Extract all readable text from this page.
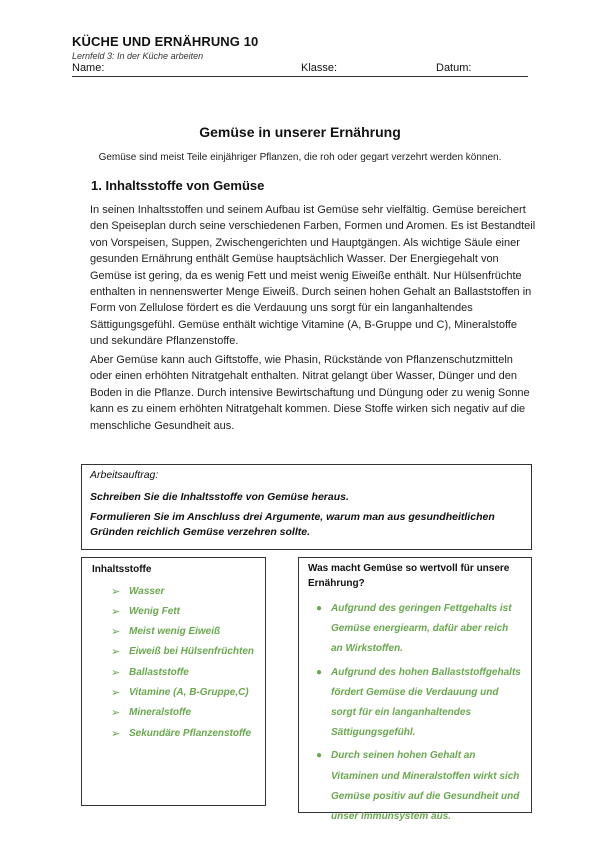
KÜCHE UND ERNÄHRUNG 10
Lernfeld 3: In der Küche arbeiten
Name:	Klasse:	Datum:
Gemüse in unserer Ernährung
Gemüse sind meist Teile einjähriger Pflanzen, die roh oder gegart verzehrt werden können.
1. Inhaltsstoffe von Gemüse

In seinen Inhaltsstoffen und seinem Aufbau ist Gemüse sehr vielfältig. Gemüse bereichert den Speiseplan durch seine verschiedenen Farben, Formen und Aromen. Es ist Bestandteil von Vorspeisen, Suppen, Zwischengerichten und Hauptgängen. Als wichtige Säule einer gesunden Ernährung enthält Gemüse hauptsächlich Wasser. Der Energiegehalt von Gemüse ist gering, da es wenig Fett und meist wenig Eiweiße enthält. Nur Hülsenfrüchte enthalten in nennenswerter Menge Eiweiß. Durch seinen hohen Gehalt an Ballaststoffen in Form von Zellulose fördert es die Verdauung uns sorgt für ein langanhaltendes Sättigungsgefühl. Gemüse enthält wichtige Vitamine (A, B-Gruppe und C), Mineralstoffe und sekundäre Pflanzenstoffe.

Aber Gemüse kann auch Giftstoffe, wie Phasin, Rückstände von Pflanzenschutzmitteln oder einen erhöhten Nitratgehalt enthalten. Nitrat gelangt über Wasser, Dünger und den Boden in die Pflanze. Durch intensive Bewirtschaftung und Düngung oder zu wenig Sonne kann es zu einem erhöhten Nitratgehalt kommen. Diese Stoffe wirken sich negativ auf die menschliche Gesundheit aus.

Arbeitsauftrag:
Schreiben Sie die Inhaltsstoffe von Gemüse heraus.
Formulieren Sie im Anschluss drei Argumente, warum man aus gesundheitlichen Gründen reichlich Gemüse verzehren sollte.
Inhaltsstoffe
➢ Wasser
➢ Wenig Fett
➢ Meist wenig Eiweiß
➢ Eiweiß bei Hülsenfrüchten
➢ Ballaststoffe
➢ Vitamine (A, B-Gruppe,C)
➢ Mineralstoffe
➢ Sekundäre Pflanzenstoffe
Was macht Gemüse so wertvoll für unsere Ernährung?
● Aufgrund des geringen Fettgehalts ist Gemüse energiearm, dafür aber reich an Wirkstoffen.
● Aufgrund des hohen Ballaststoffgehalts fördert Gemüse die Verdauung und sorgt für ein langanhaltendes Sättigungsgefühl.
● Durch seinen hohen Gehalt an Vitaminen und Mineralstoffen wirkt sich Gemüse positiv auf die Gesundheit und unser Immunsystem aus.
